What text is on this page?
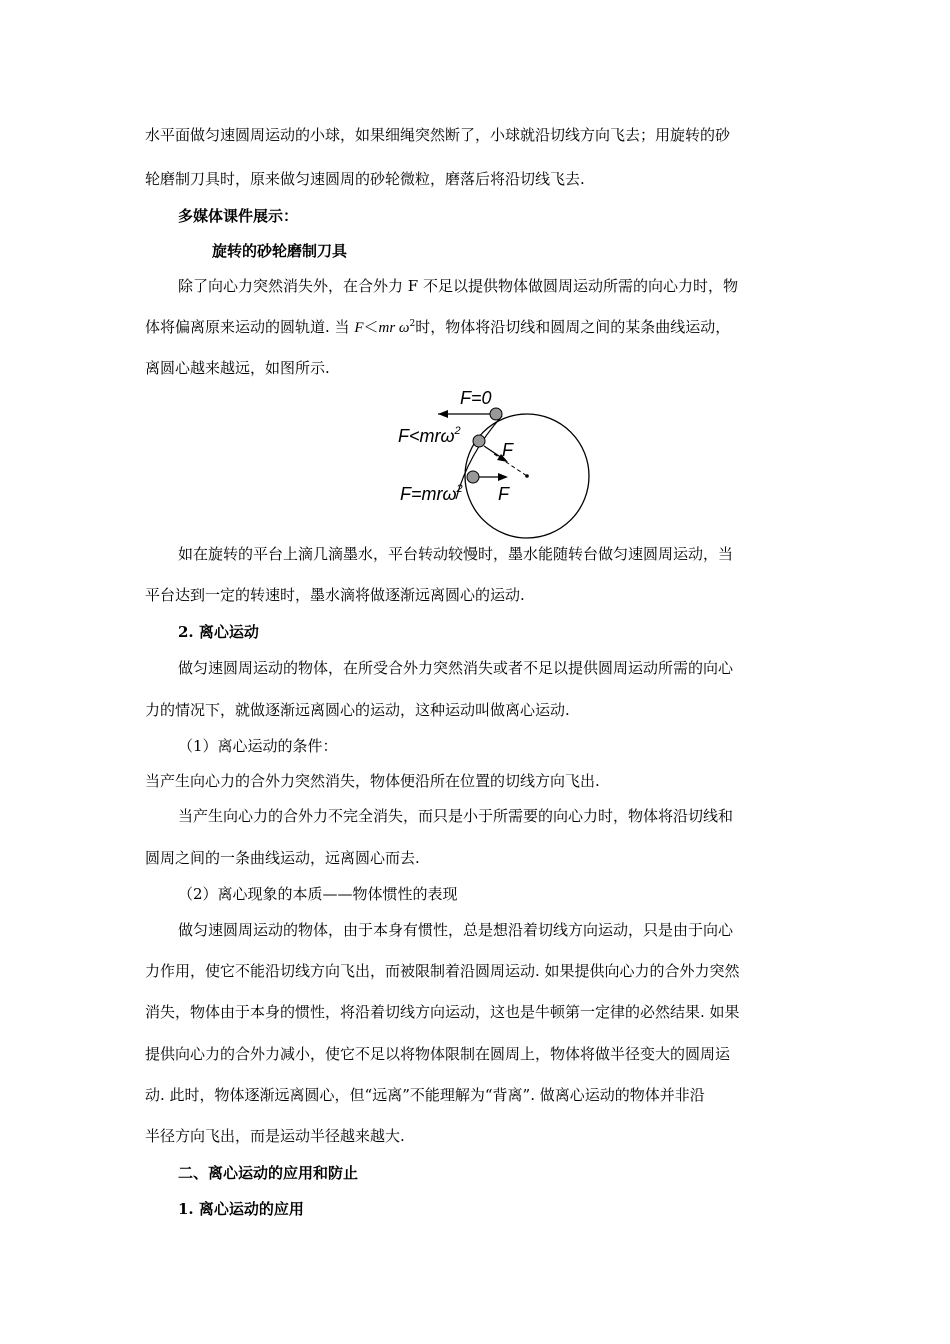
水平面做匀速圆周运动的小球，如果细绳突然断了，小球就沿切线方向飞去；用旋转的砂
轮磨制刀具时，原来做匀速圆周的砂轮微粒，磨落后将沿切线飞去.
多媒体课件展示：
旋转的砂轮磨制刀具
除了向心力突然消失外，在合外力 F 不足以提供物体做圆周运动所需的向心力时，物
体将偏离原来运动的圆轨道. 当 F＜mr $\omega^2$时，物体将沿切线和圆周之间的某条曲线运动，
离圆心越来越远，如图所示.
F=0
F<mrω$^2$
F
F=mrω$^2$ F
如在旋转的平台上滴几滴墨水，平台转动较慢时，墨水能随转台做匀速圆周运动，当
平台达到一定的转速时，墨水滴将做逐渐远离圆心的运动.
2. 离心运动
做匀速圆周运动的物体，在所受合外力突然消失或者不足以提供圆周运动所需的向心
力的情况下，就做逐渐远离圆心的运动，这种运动叫做离心运动.
（1）离心运动的条件：
当产生向心力的合外力突然消失，物体便沿所在位置的切线方向飞出.
当产生向心力的合外力不完全消失，而只是小于所需要的向心力时，物体将沿切线和
圆周之间的一条曲线运动，远离圆心而去.
（2）离心现象的本质——物体惯性的表现
做匀速圆周运动的物体，由于本身有惯性，总是想沿着切线方向运动，只是由于向心
力作用，使它不能沿切线方向飞出，而被限制着沿圆周运动. 如果提供向心力的合外力突然
消失，物体由于本身的惯性，将沿着切线方向运动，这也是牛顿第一定律的必然结果. 如果
提供向心力的合外力减小，使它不足以将物体限制在圆周上，物体将做半径变大的圆周运
动. 此时，物体逐渐远离圆心，但“远离”不能理解为“背离”. 做离心运动的物体并非沿
半径方向飞出，而是运动半径越来越大.
二、离心运动的应用和防止
1. 离心运动的应用
